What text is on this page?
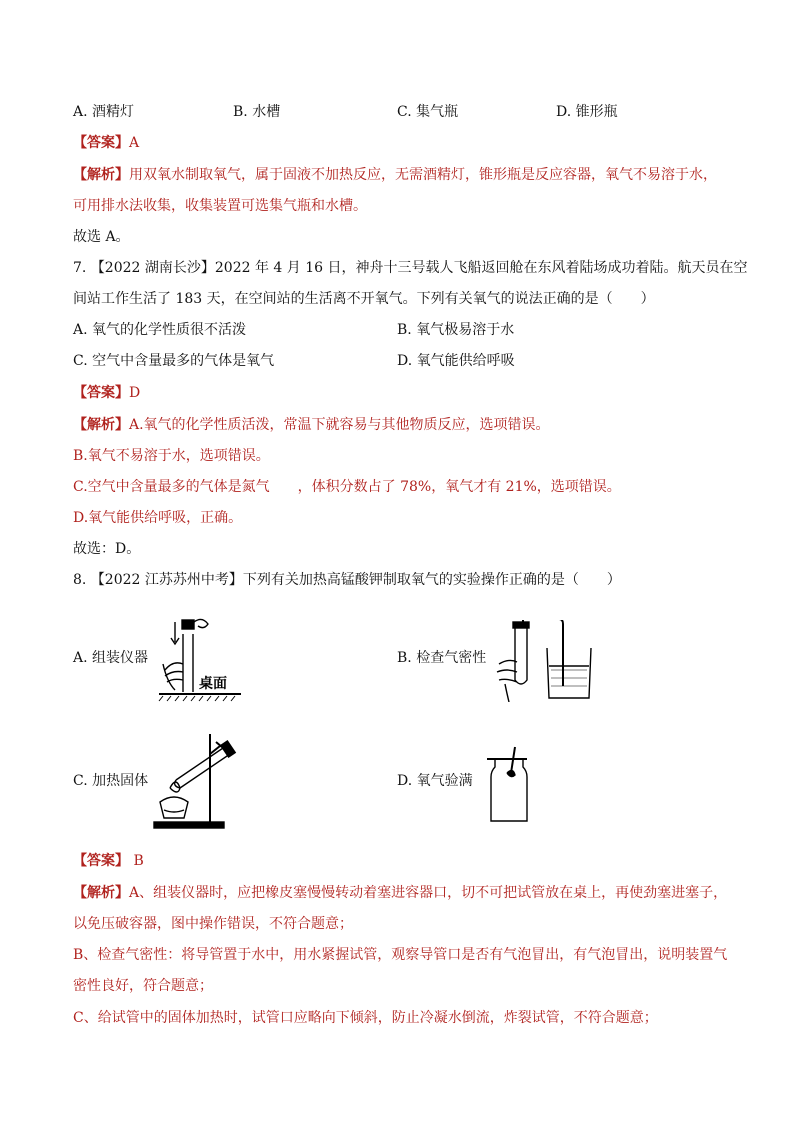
A. 酒精灯	B. 水槽	C. 集气瓶	D. 锥形瓶
【答案】A
【解析】用双氧水制取氧气，属于固液不加热反应，无需酒精灯，锥形瓶是反应容器，氧气不易溶于水，
可用排水法收集，收集装置可选集气瓶和水槽。
故选 A。
7. 【2022 湖南长沙】2022 年 4 月 16 日，神舟十三号载人飞船返回舱在东风着陆场成功着陆。航天员在空
间站工作生活了 183 天，在空间站的生活离不开氧气。下列有关氧气的说法正确的是（　　）
A. 氧气的化学性质很不活泼	B. 氧气极易溶于水
C. 空气中含量最多的气体是氧气	D. 氧气能供给呼吸
【答案】D
【解析】A.氧气的化学性质活泼，常温下就容易与其他物质反应，选项错误。
B.氧气不易溶于水，选项错误。
C.空气中含量最多的气体是氮气　　，体积分数占了 78%，氧气才有 21%，选项错误。
D.氧气能供给呼吸，正确。
故选：D。
8. 【2022 江苏苏州中考】下列有关加热高锰酸钾制取氧气的实验操作正确的是（　　）
A. 组装仪器	B. 检查气密性
C. 加热固体	D. 氧气验满
桌面
【答案】 B
【解析】A、组装仪器时，应把橡皮塞慢慢转动着塞进容器口，切不可把试管放在桌上，再使劲塞进塞子，
以免压破容器，图中操作错误，不符合题意；
B、检查气密性：将导管置于水中，用水紧握试管，观察导管口是否有气泡冒出，有气泡冒出，说明装置气
密性良好，符合题意；
C、给试管中的固体加热时，试管口应略向下倾斜，防止冷凝水倒流，炸裂试管，不符合题意；
